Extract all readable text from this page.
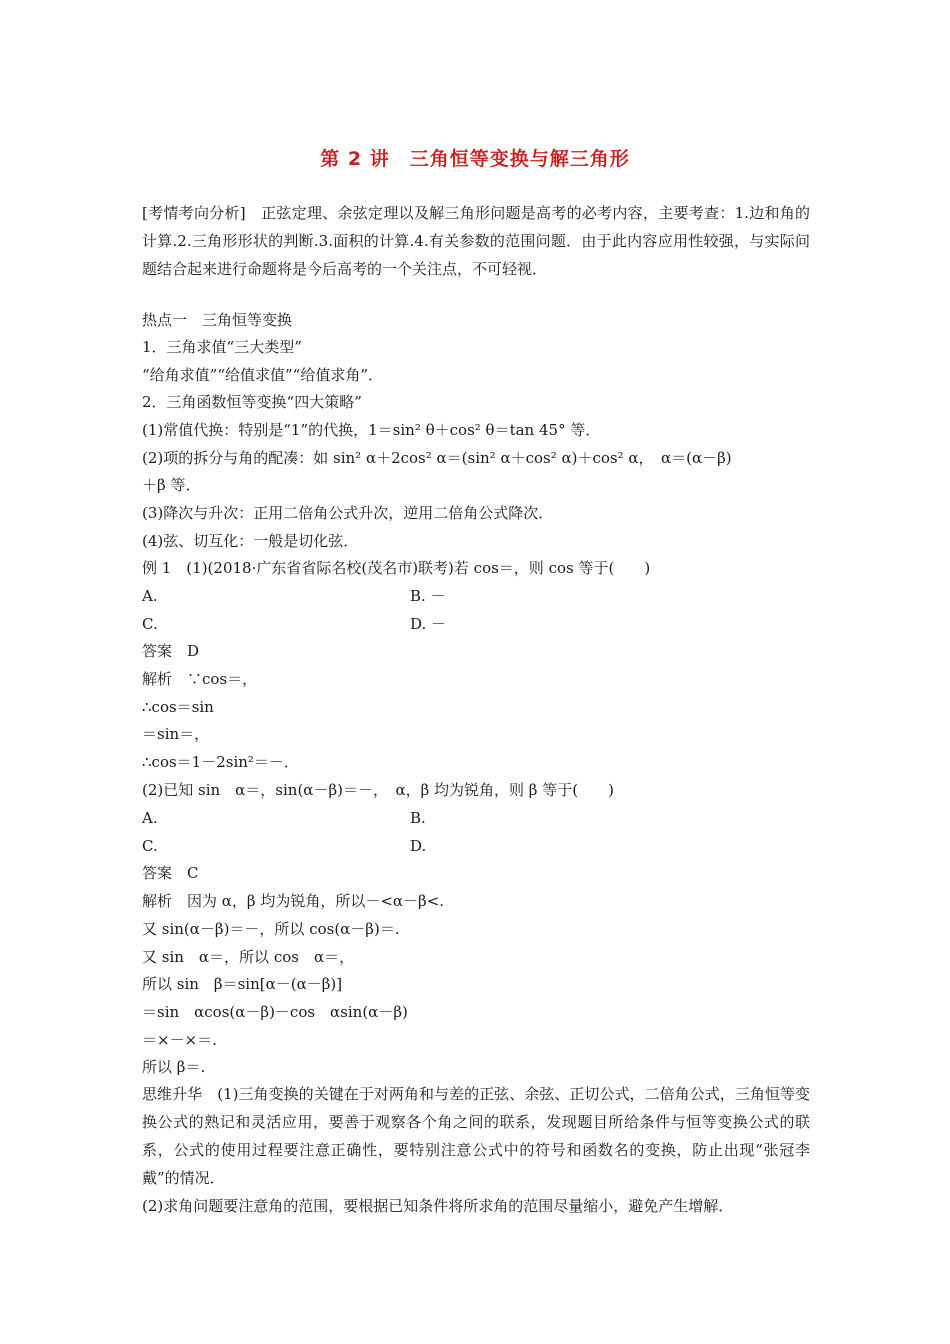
第 2 讲　三角恒等变换与解三角形
[考情考向分析]　正弦定理、余弦定理以及解三角形问题是高考的必考内容，主要考查：1.边和角的计算.2.三角形形状的判断.3.面积的计算.4.有关参数的范围问题．由于此内容应用性较强，与实际问题结合起来进行命题将是今后高考的一个关注点，不可轻视．
热点一　三角恒等变换
1．三角求值“三大类型”
“给角求值”“给值求值”“给值求角”．
2．三角函数恒等变换“四大策略”
(1)常值代换：特别是“1”的代换，1＝sin² θ＋cos² θ＝tan 45° 等．
(2)项的拆分与角的配凑：如 sin² α＋2cos² α＝(sin² α＋cos² α)＋cos² α，　α＝(α－β)
＋β 等．
(3)降次与升次：正用二倍角公式升次，逆用二倍角公式降次．
(4)弦、切互化：一般是切化弦．
例 1　(1)(2018·广东省省际名校(茂名市)联考)若 cos＝，则 cos 等于(　　)
A.	B. －
C.	D. －
答案　D
解析　∵cos＝，
∴cos＝sin
＝sin＝，
∴cos＝1－2sin²＝－．
(2)已知 sin　α＝，sin(α－β)＝－，　α，β 均为锐角，则 β 等于(　　)
A.	B.
C.	D.
答案　C
解析　因为 α，β 均为锐角，所以－<α－β<.
又 sin(α－β)＝－，所以 cos(α－β)＝.
又 sin　α＝，所以 cos　α＝，
所以 sin　β＝sin[α－(α－β)]
＝sin　αcos(α－β)－cos　αsin(α－β)
＝×－×＝.
所以 β＝.
思维升华　(1)三角变换的关键在于对两角和与差的正弦、余弦、正切公式，二倍角公式，三角恒等变换公式的熟记和灵活应用，要善于观察各个角之间的联系，发现题目所给条件与恒等变换公式的联系，公式的使用过程要注意正确性，要特别注意公式中的符号和函数名的变换，防止出现“张冠李戴”的情况．
(2)求角问题要注意角的范围，要根据已知条件将所求角的范围尽量缩小，避免产生增解．
